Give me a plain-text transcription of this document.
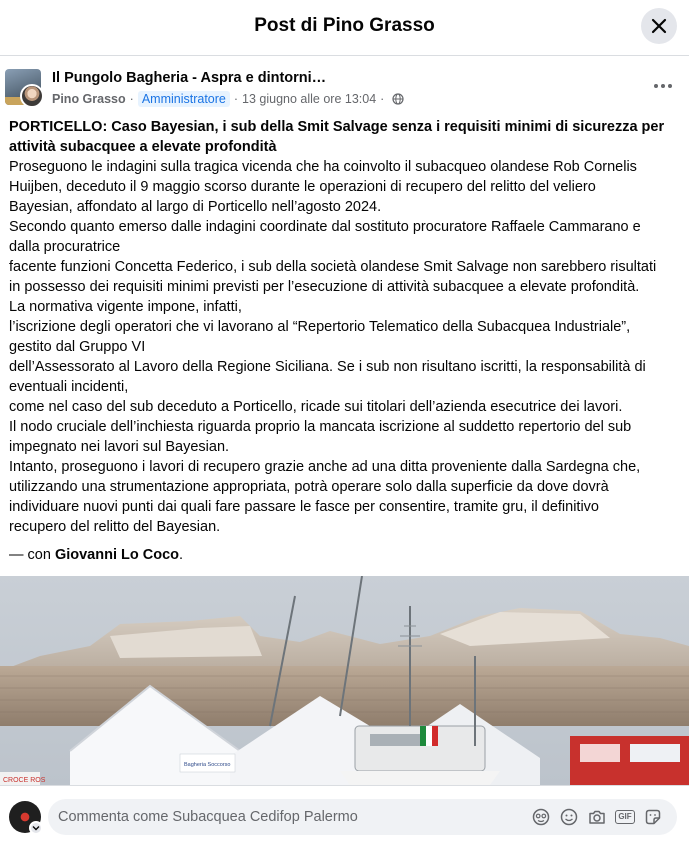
Post di Pino Grasso
Il Pungolo Bagheria - Aspra e dintorni…
Pino Grasso · Amministratore · 13 giugno alle ore 13:04 ·

PORTICELLO: Caso Bayesian, i sub della Smit Salvage senza i requisiti minimi di sicurezza per

attività subacquee a elevate profondità

Proseguono le indagini sulla tragica vicenda che ha coinvolto il subacqueo olandese Rob Cornelis

Huijben, deceduto il 9 maggio scorso durante le operazioni di recupero del relitto del veliero

Bayesian, affondato al largo di Porticello nell’agosto 2024.

Secondo quanto emerso dalle indagini coordinate dal sostituto procuratore Raffaele Cammarano e

dalla procuratrice

facente funzioni Concetta Federico, i sub della società olandese Smit Salvage non sarebbero risultati

in possesso dei requisiti minimi previsti per l’esecuzione di attività subacquee a elevate profondità.

La normativa vigente impone, infatti,

l’iscrizione degli operatori che vi lavorano al “Repertorio Telematico della Subacquea Industriale”,

gestito dal Gruppo VI

dell’Assessorato al Lavoro della Regione Siciliana. Se i sub non risultano iscritti, la responsabilità di

eventuali incidenti,

come nel caso del sub deceduto a Porticello, ricade sui titolari dell’azienda esecutrice dei lavori.

Il nodo cruciale dell’inchiesta riguarda proprio la mancata iscrizione al suddetto repertorio del sub

impegnato nei lavori sul Bayesian.

Intanto, proseguono i lavori di recupero grazie anche ad una ditta proveniente dalla Sardegna che,

utilizzando una strumentazione appropriata, potrà operare solo dalla superficie da dove dovrà

individuare nuovi punti dai quali fare passare le fasce per consentire, tramite gru, il definitivo

recupero del relitto del Bayesian.

— con Giovanni Lo Coco.
CROCE ROS
Bagheria Soccorso
Commenta come Subacquea Cedifop Palermo	GIF
